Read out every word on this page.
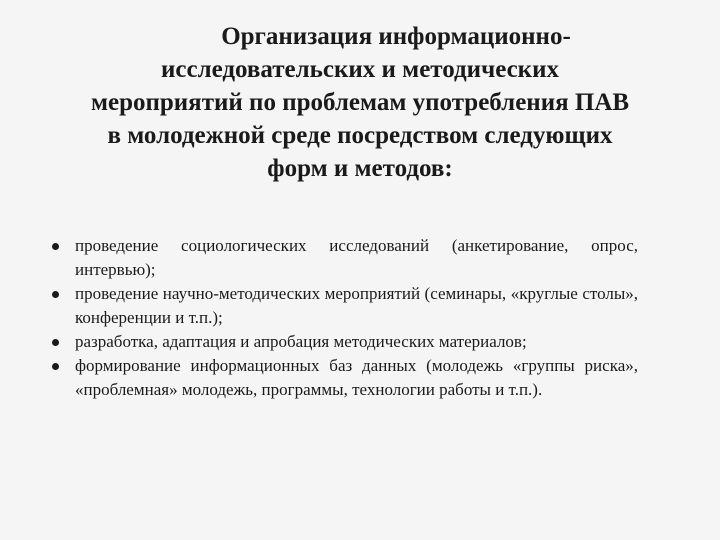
Организация информационно-
исследовательских и методических
мероприятий по проблемам употребления ПАВ
в молодежной среде посредством следующих
форм и методов:
проведение социологических исследований (анкетирование, опрос, интервью);
проведение научно-методических мероприятий (семинары, «круглые столы», конференции и т.п.);
разработка, адаптация и апробация методических материалов;
формирование информационных баз данных (молодежь «группы риска», «проблемная» молодежь, программы, технологии работы и т.п.).
